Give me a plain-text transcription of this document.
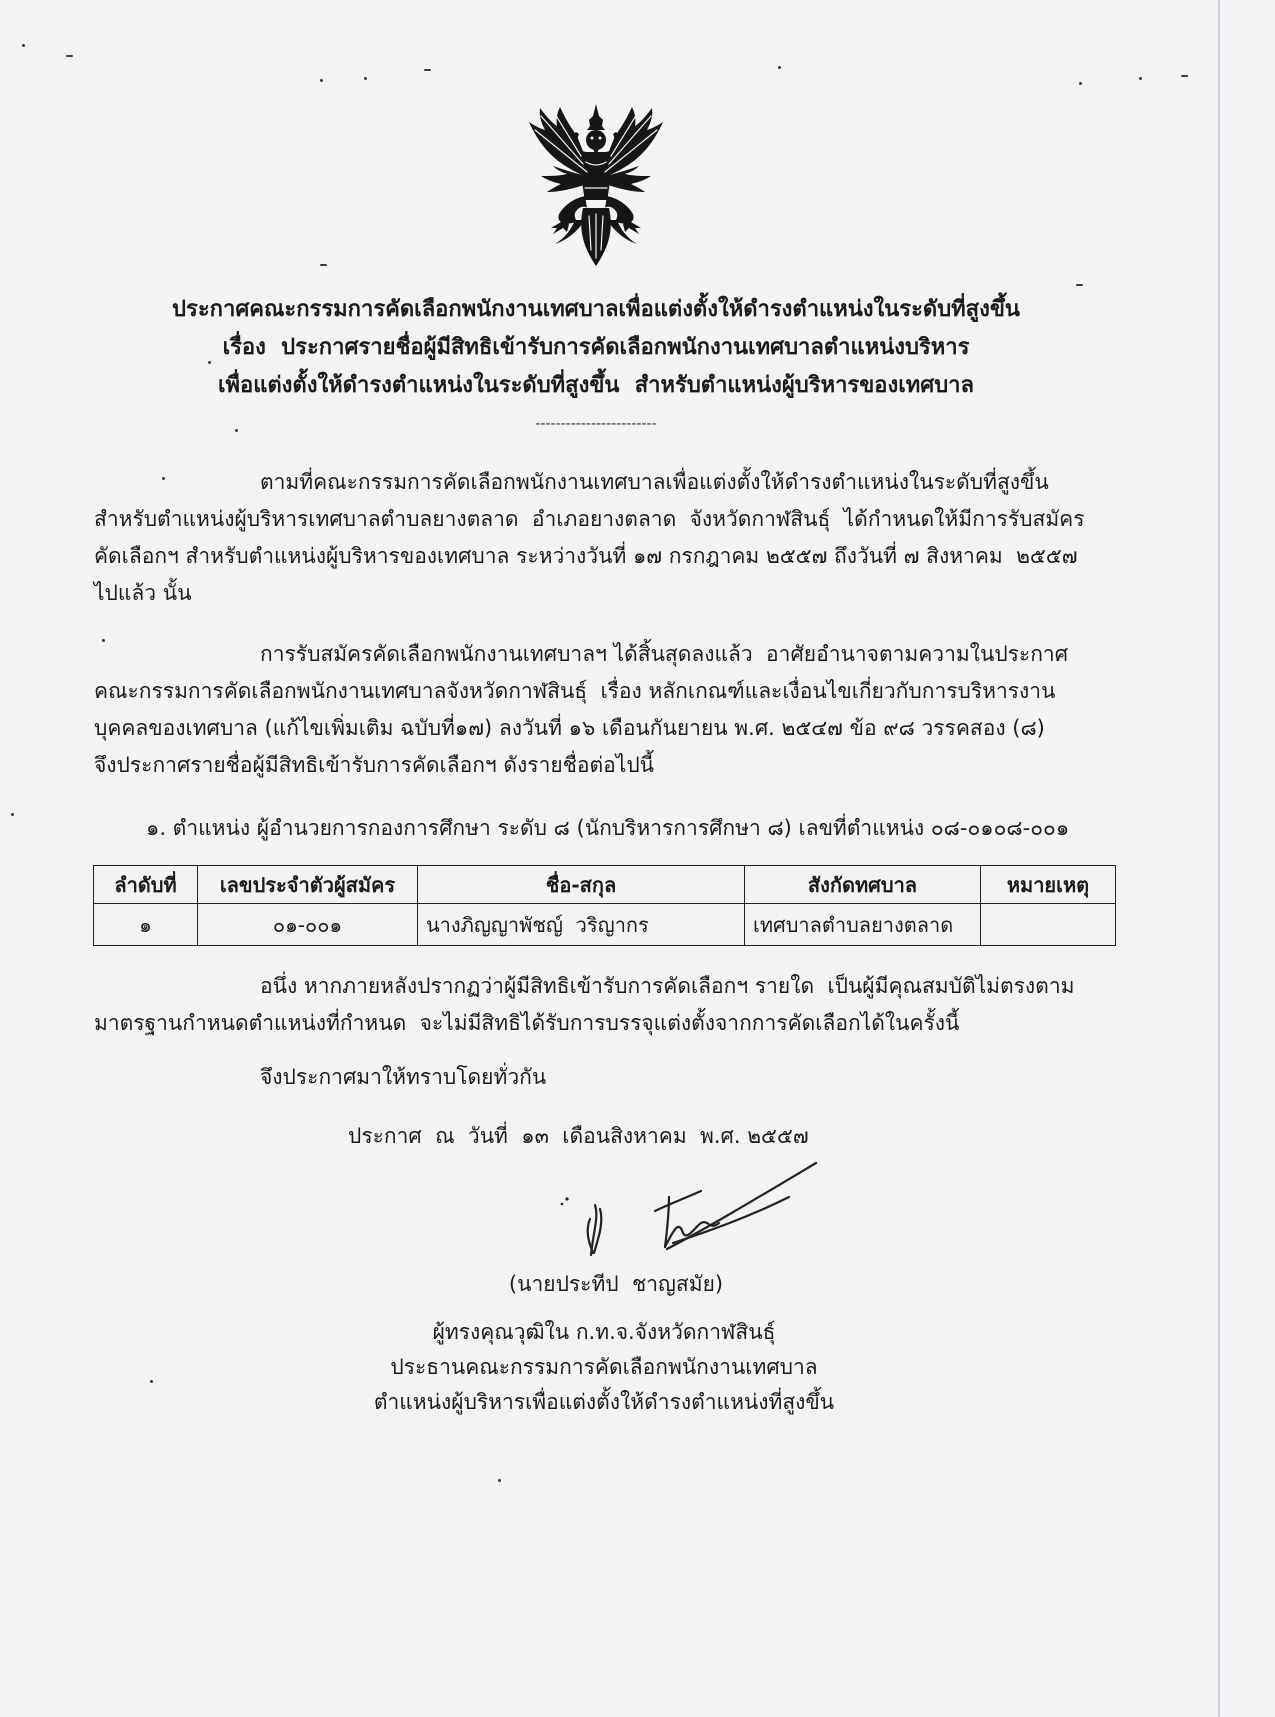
ประกาศคณะกรรมการคัดเลือกพนักงานเทศบาลเพื่อแต่งตั้งให้ดำรงตำแหน่งในระดับที่สูงขึ้น
เรื่อง  ประกาศรายชื่อผู้มีสิทธิเข้ารับการคัดเลือกพนักงานเทศบาลตำแหน่งบริหาร
เพื่อแต่งตั้งให้ดำรงตำแหน่งในระดับที่สูงขึ้น  สำหรับตำแหน่งผู้บริหารของเทศบาล
------------------------
ตามที่คณะกรรมการคัดเลือกพนักงานเทศบาลเพื่อแต่งตั้งให้ดำรงตำแหน่งในระดับที่สูงขึ้น
สำหรับตำแหน่งผู้บริหารเทศบาลตำบลยางตลาด  อำเภอยางตลาด  จังหวัดกาฬสินธุ์  ได้กำหนดให้มีการรับสมัคร
คัดเลือกฯ สำหรับตำแหน่งผู้บริหารของเทศบาล ระหว่างวันที่ ๑๗ กรกฎาคม ๒๕๕๗ ถึงวันที่ ๗ สิงหาคม  ๒๕๕๗
ไปแล้ว นั้น
การรับสมัครคัดเลือกพนักงานเทศบาลฯ ได้สิ้นสุดลงแล้ว  อาศัยอำนาจตามความในประกาศ
คณะกรรมการคัดเลือกพนักงานเทศบาลจังหวัดกาฬสินธุ์  เรื่อง หลักเกณฑ์และเงื่อนไขเกี่ยวกับการบริหารงาน
บุคคลของเทศบาล (แก้ไขเพิ่มเติม ฉบับที่๑๗) ลงวันที่ ๑๖ เดือนกันยายน พ.ศ. ๒๕๔๗ ข้อ ๙๘ วรรคสอง (๘)
จึงประกาศรายชื่อผู้มีสิทธิเข้ารับการคัดเลือกฯ ดังรายชื่อต่อไปนี้
๑. ตำแหน่ง ผู้อำนวยการกองการศึกษา ระดับ ๘ (นักบริหารการศึกษา ๘) เลขที่ตำแหน่ง ๐๘-๐๑๐๘-๐๐๑
ลำดับที่	เลขประจำตัวผู้สมัคร	ชื่อ-สกุล	สังกัดทศบาล	หมายเหตุ
๑	๐๑-๐๐๑	นางภิญญาพัชญ์  วริญากร	เทศบาลตำบลยางตลาด	
อนึ่ง หากภายหลังปรากฏว่าผู้มีสิทธิเข้ารับการคัดเลือกฯ รายใด  เป็นผู้มีคุณสมบัติไม่ตรงตาม
มาตรฐานกำหนดตำแหน่งที่กำหนด  จะไม่มีสิทธิได้รับการบรรจุแต่งตั้งจากการคัดเลือกได้ในครั้งนี้
จึงประกาศมาให้ทราบโดยทั่วกัน
ประกาศ  ณ  วันที่  ๑๓  เดือนสิงหาคม  พ.ศ. ๒๕๕๗
(นายประทีป  ชาญสมัย)
ผู้ทรงคุณวุฒิใน ก.ท.จ.จังหวัดกาฬสินธุ์
ประธานคณะกรรมการคัดเลือกพนักงานเทศบาล
ตำแหน่งผู้บริหารเพื่อแต่งตั้งให้ดำรงตำแหน่งที่สูงขึ้น
